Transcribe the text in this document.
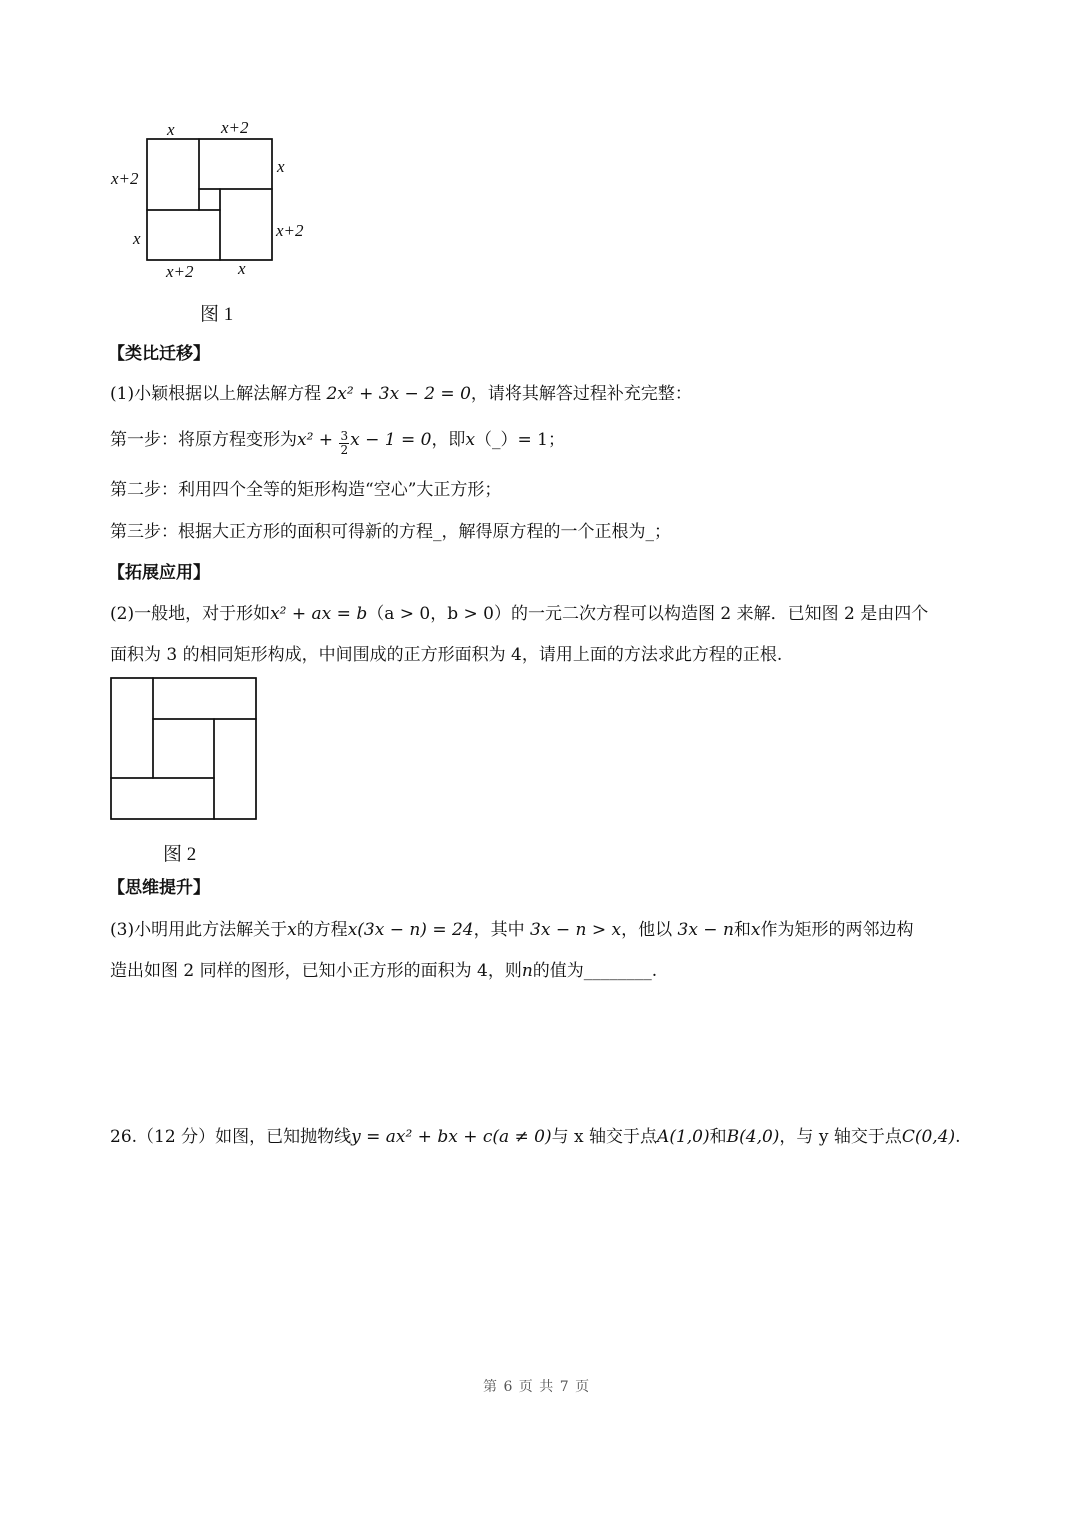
x	x+2
x+2
x
x
x+2
x+2	x
图 1
【类比迁移】
(1)小颖根据以上解法解方程 2x² + 3x − 2 = 0，请将其解答过程补充完整：
第一步：将原方程变形为$x^2 + \frac{3}{2}$ x − 1 = 0，即x（_）= 1；
第二步：利用四个全等的矩形构造“空心”大正方形；
第三步：根据大正方形的面积可得新的方程_，解得原方程的一个正根为_；
【拓展应用】
(2)一般地，对于形如x² + ax = b（a > 0，b > 0）的一元二次方程可以构造图 2 来解．已知图 2 是由四个
面积为 3 的相同矩形构成，中间围成的正方形面积为 4，请用上面的方法求此方程的正根.
图 2
【思维提升】
(3)小明用此方法解关于x的方程x(3x − n) = 24，其中 3x − n > x，他以 3x − n和x作为矩形的两邻边构
造出如图 2 同样的图形，已知小正方形的面积为 4，则n的值为________.
26.（12 分）如图，已知抛物线y = ax² + bx + c(a ≠ 0)与 x 轴交于点A(1,0)和B(4,0)，与 y 轴交于点C(0,4).
第 6 页 共 7 页
